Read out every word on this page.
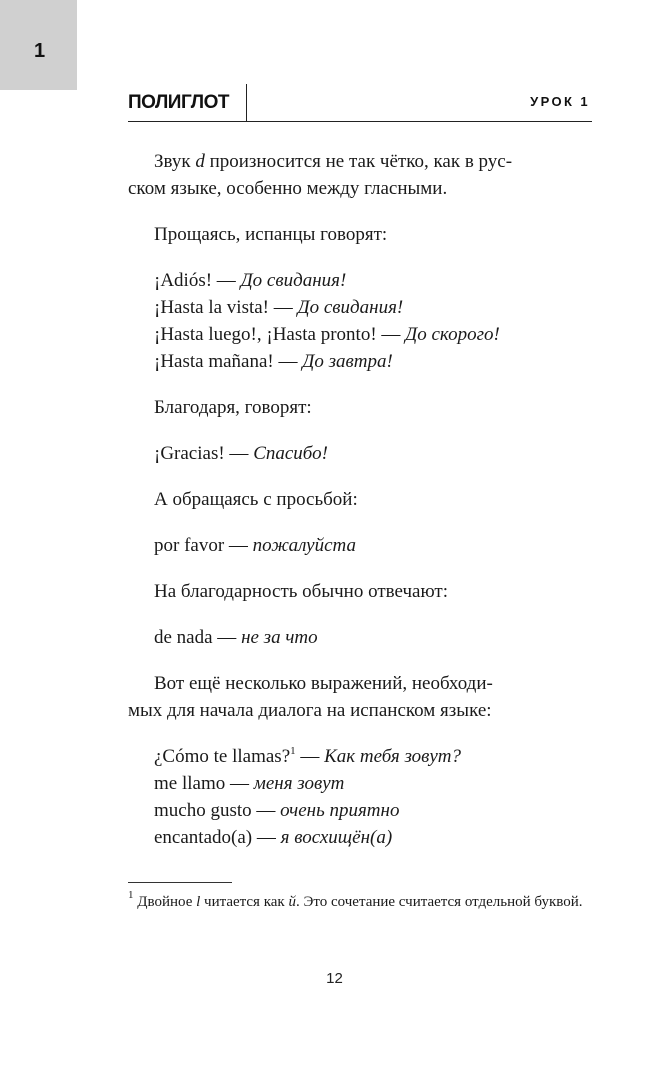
1
ПОЛИГЛОТ	УРОК 1
Звук d произносится не так чётко, как в рус-
ском языке, особенно между гласными.
Прощаясь, испанцы говорят:
¡Adiós! — До свидания!
¡Hasta la vista! — До свидания!
¡Hasta luego!, ¡Hasta pronto! — До скорого!
¡Hasta mañana! — До завтра!
Благодаря, говорят:
¡Gracias! — Спасибо!
А обращаясь с просьбой:
por favor — пожалуйста
На благодарность обычно отвечают:
de nada — не за что
Вот ещё несколько выражений, необходи-
мых для начала диалога на испанском языке:
¿Cómo te llamas?$^1$ — Как тебя зовут?
me llamo — меня зовут
mucho gusto — очень приятно
encantado(a) — я восхищён(а)
$^1$ Двойное l читается как й. Это сочетание считается отдельной буквой.
12
